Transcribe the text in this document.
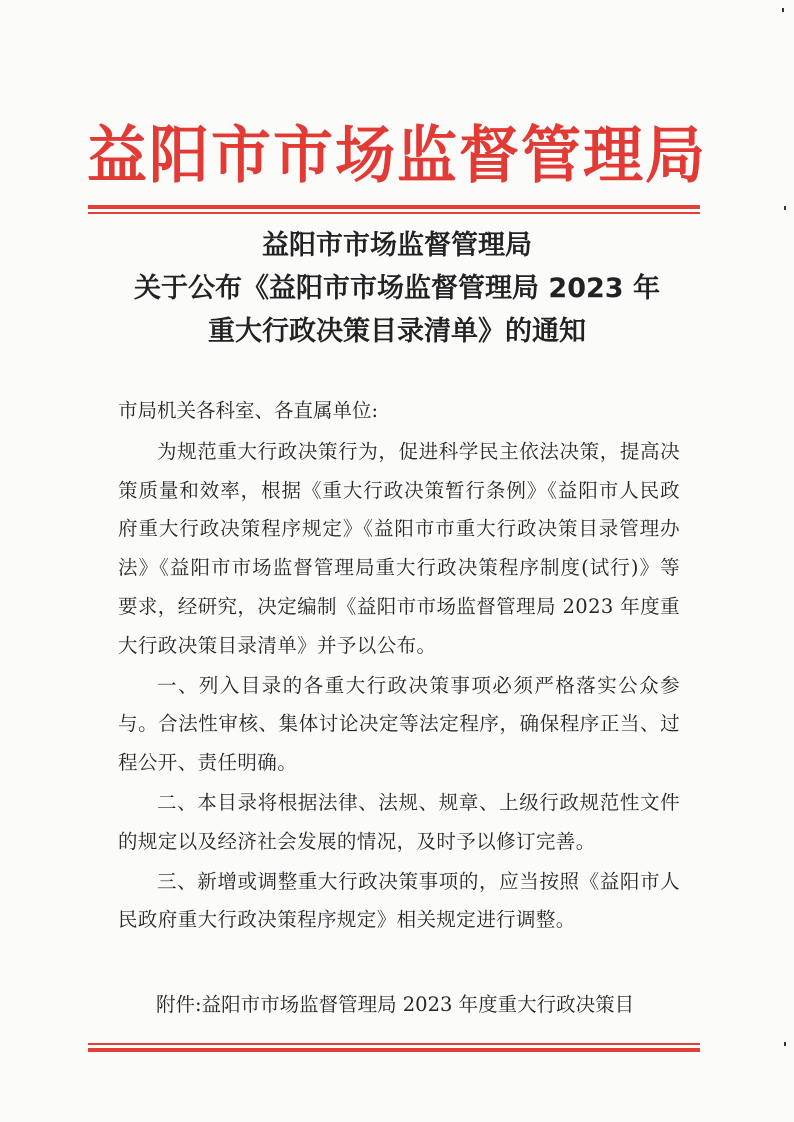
益阳市市场监督管理局
益阳市市场监督管理局
关于公布《益阳市市场监督管理局 2023 年
重大行政决策目录清单》的通知

市局机关各科室、各直属单位:

为规范重大行政决策行为，促进科学民主依法决策，提高决策质量和效率，根据《重大行政决策暂行条例》《益阳市人民政府重大行政决策程序规定》《益阳市市重大行政决策目录管理办法》《益阳市市场监督管理局重大行政决策程序制度(试行)》等要求，经研究，决定编制《益阳市市场监督管理局 2023 年度重大行政决策目录清单》并予以公布。

一、列入目录的各重大行政决策事项必须严格落实公众参与。合法性审核、集体讨论决定等法定程序，确保程序正当、过程公开、责任明确。

二、本目录将根据法律、法规、规章、上级行政规范性文件的规定以及经济社会发展的情况，及时予以修订完善。

三、新增或调整重大行政决策事项的，应当按照《益阳市人民政府重大行政决策程序规定》相关规定进行调整。

附件:益阳市市场监督管理局 2023 年度重大行政决策目
